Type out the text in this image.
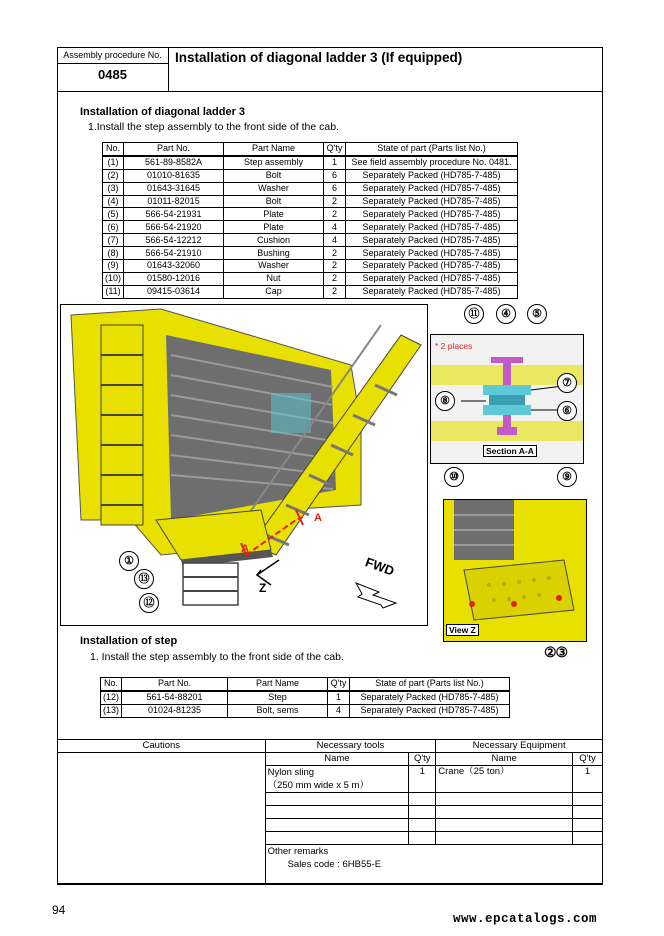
Assembly procedure No.
0485
Installation of diagonal ladder 3 (If equipped)
Installation of diagonal ladder 3
1.Install the step assembly to the front side of the cab.
No.	Part No.	Part Name	Q'ty	State of part (Parts list No.)
(1)	561-89-8582A	Step assembly	1	See field assembly procedure No. 0481.
(2)	01010-81635	Bolt	6	Separately Packed (HD785-7-485)
(3)	01643-31645	Washer	6	Separately Packed (HD785-7-485)
(4)	01011-82015	Bolt	2	Separately Packed (HD785-7-485)
(5)	566-54-21931	Plate	2	Separately Packed (HD785-7-485)
(6)	566-54-21920	Plate	4	Separately Packed (HD785-7-485)
(7)	566-54-12212	Cushion	4	Separately Packed (HD785-7-485)
(8)	566-54-21910	Bushing	2	Separately Packed (HD785-7-485)
(9)	01643-32060	Washer	2	Separately Packed (HD785-7-485)
(10)	01580-12016	Nut	2	Separately Packed (HD785-7-485)
(11)	09415-03614	Cap	2	Separately Packed (HD785-7-485)
A
A
Z
FWD
①
⑬
⑫
* 2 places
Section A-A
⑪	④	⑤
⑦
⑧
⑥
⑩	⑨
View Z
②③
Installation of step
1. Install the step assembly to the front side of the cab.
No.	Part No.	Part Name	Q'ty	State of part (Parts list No.)
(12)	561-54-88201	Step	1	Separately Packed (HD785-7-485)
(13)	01024-81235	Bolt, sems	4	Separately Packed (HD785-7-485)
Cautions	Necessary tools		Necessary Equipment	
	Name	Q'ty	Name	Q'ty

	Nylon sling
（250 mm wide x 5 m）	1	Crane（25 ton）	1

	Other remarks
Sales code : 6HB55-E			
94
www.epcatalogs.com
